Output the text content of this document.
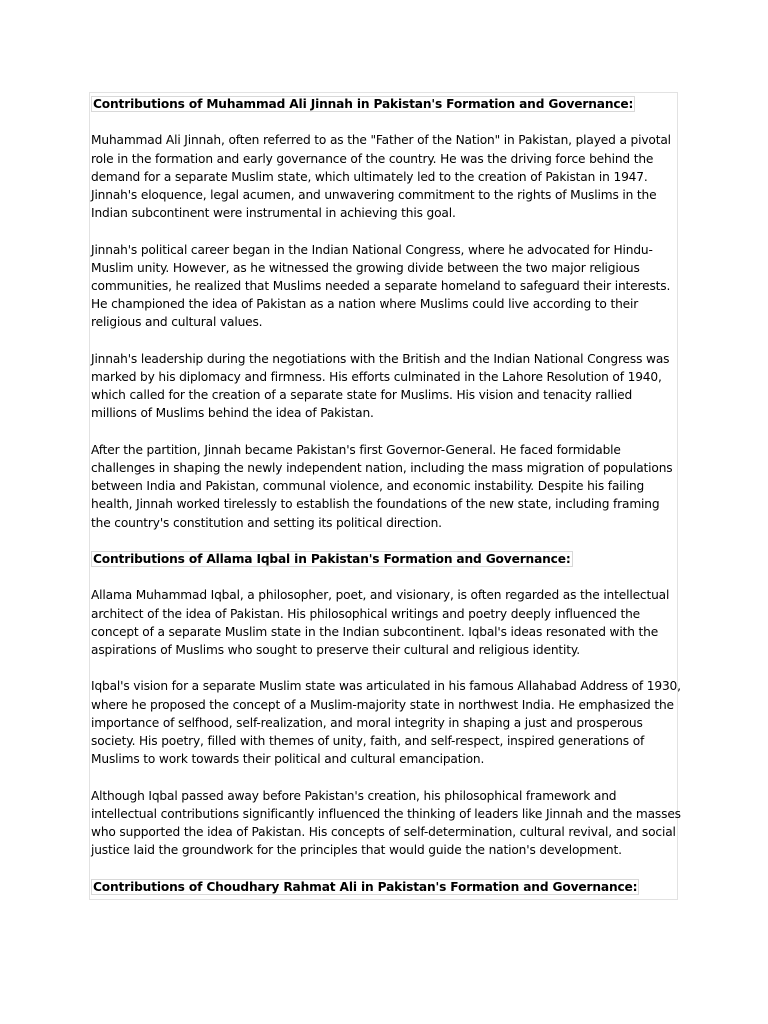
Contributions of Muhammad Ali Jinnah in Pakistan's Formation and Governance:

Muhammad Ali Jinnah, often referred to as the "Father of the Nation" in Pakistan, played a pivotal role in the formation and early governance of the country. He was the driving force behind the demand for a separate Muslim state, which ultimately led to the creation of Pakistan in 1947. Jinnah's eloquence, legal acumen, and unwavering commitment to the rights of Muslims in the Indian subcontinent were instrumental in achieving this goal.

Jinnah's political career began in the Indian National Congress, where he advocated for Hindu-Muslim unity. However, as he witnessed the growing divide between the two major religious communities, he realized that Muslims needed a separate homeland to safeguard their interests. He championed the idea of Pakistan as a nation where Muslims could live according to their religious and cultural values.

Jinnah's leadership during the negotiations with the British and the Indian National Congress was marked by his diplomacy and firmness. His efforts culminated in the Lahore Resolution of 1940, which called for the creation of a separate state for Muslims. His vision and tenacity rallied millions of Muslims behind the idea of Pakistan.

After the partition, Jinnah became Pakistan's first Governor-General. He faced formidable challenges in shaping the newly independent nation, including the mass migration of populations between India and Pakistan, communal violence, and economic instability. Despite his failing health, Jinnah worked tirelessly to establish the foundations of the new state, including framing the country's constitution and setting its political direction.

Contributions of Allama Iqbal in Pakistan's Formation and Governance:

Allama Muhammad Iqbal, a philosopher, poet, and visionary, is often regarded as the intellectual architect of the idea of Pakistan. His philosophical writings and poetry deeply influenced the concept of a separate Muslim state in the Indian subcontinent. Iqbal's ideas resonated with the aspirations of Muslims who sought to preserve their cultural and religious identity.

Iqbal's vision for a separate Muslim state was articulated in his famous Allahabad Address of 1930, where he proposed the concept of a Muslim-majority state in northwest India. He emphasized the importance of selfhood, self-realization, and moral integrity in shaping a just and prosperous society. His poetry, filled with themes of unity, faith, and self-respect, inspired generations of Muslims to work towards their political and cultural emancipation.

Although Iqbal passed away before Pakistan's creation, his philosophical framework and intellectual contributions significantly influenced the thinking of leaders like Jinnah and the masses who supported the idea of Pakistan. His concepts of self-determination, cultural revival, and social justice laid the groundwork for the principles that would guide the nation's development.

Contributions of Choudhary Rahmat Ali in Pakistan's Formation and Governance:
